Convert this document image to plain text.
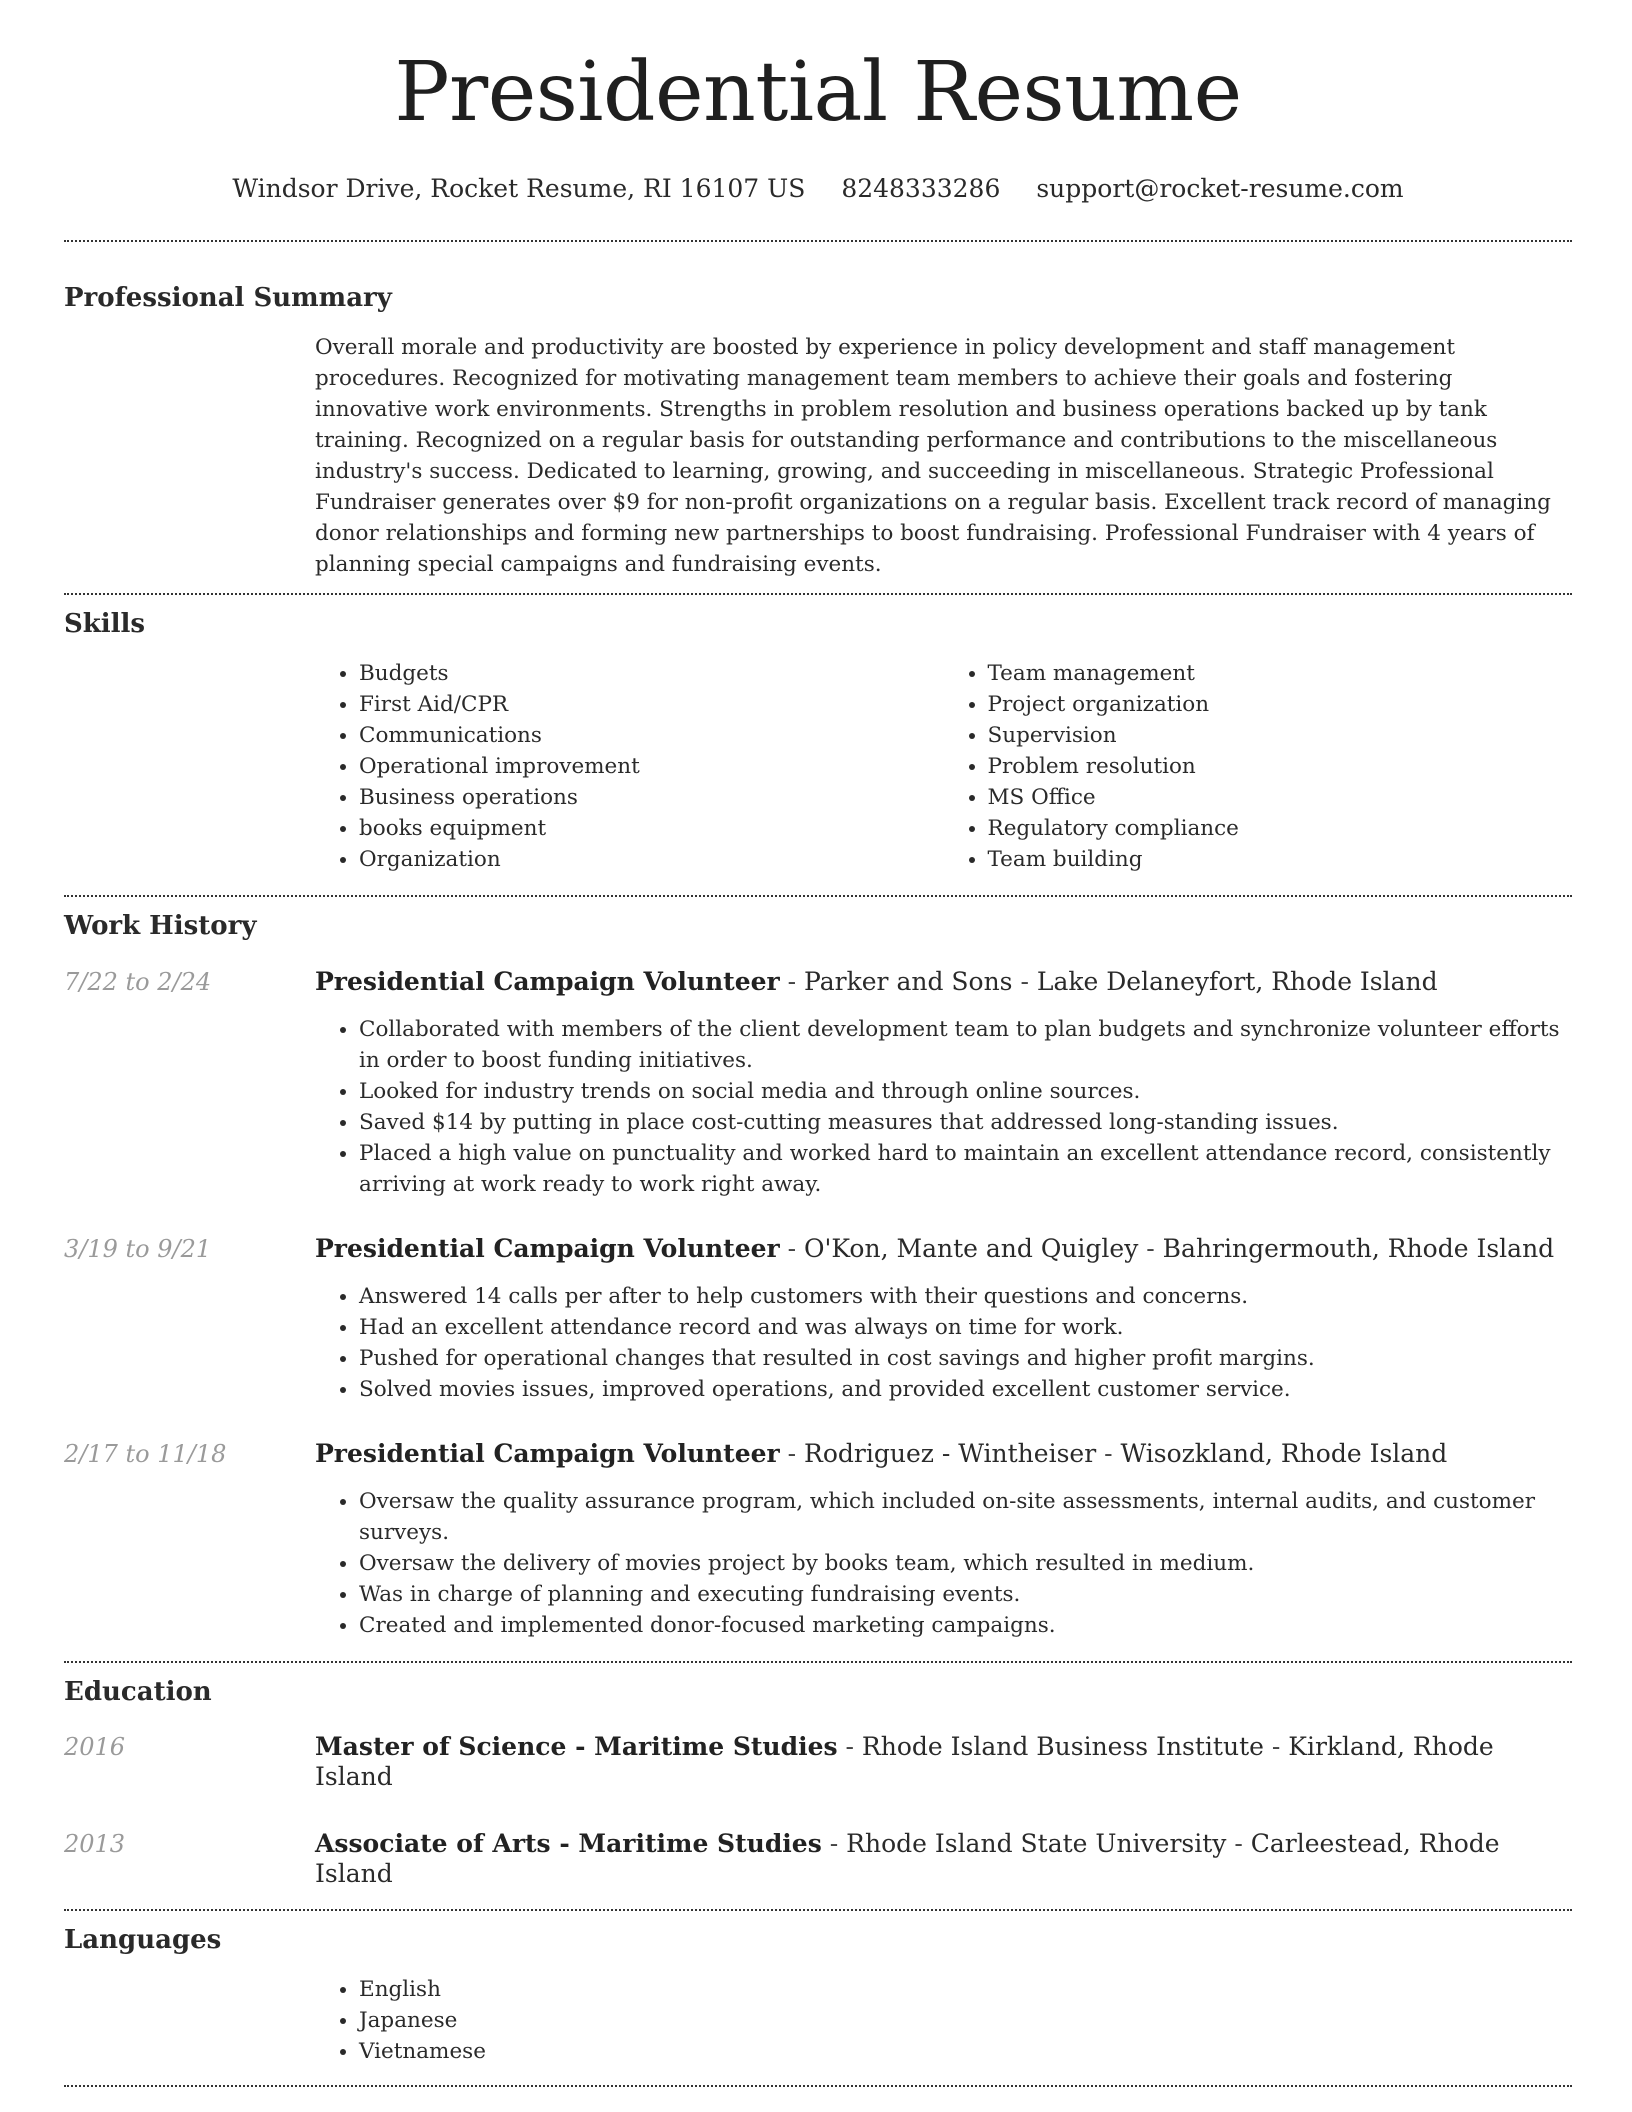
Presidential Resume
Windsor Drive, Rocket Resume, RI 16107 US 8248333286 support@rocket-resume.com
Professional Summary
Overall morale and productivity are boosted by experience in policy development and staff management procedures. Recognized for motivating management team members to achieve their goals and fostering innovative work environments. Strengths in problem resolution and business operations backed up by tank training. Recognized on a regular basis for outstanding performance and contributions to the miscellaneous industry's success. Dedicated to learning, growing, and succeeding in miscellaneous. Strategic Professional Fundraiser generates over $9 for non-profit organizations on a regular basis. Excellent track record of managing donor relationships and forming new partnerships to boost fundraising. Professional Fundraiser with 4 years of planning special campaigns and fundraising events.
Skills
• Budgets
• First Aid/CPR
• Communications
• Operational improvement
• Business operations
• books equipment
• Organization
• Team management
• Project organization
• Supervision
• Problem resolution
• MS Office
• Regulatory compliance
• Team building
Work History
7/22 to 2/24	Presidential Campaign Volunteer - Parker and Sons - Lake Delaneyfort, Rhode Island
• Collaborated with members of the client development team to plan budgets and synchronize volunteer efforts in order to boost funding initiatives.
• Looked for industry trends on social media and through online sources.
• Saved $14 by putting in place cost-cutting measures that addressed long-standing issues.
• Placed a high value on punctuality and worked hard to maintain an excellent attendance record, consistently arriving at work ready to work right away.
3/19 to 9/21	Presidential Campaign Volunteer - O'Kon, Mante and Quigley - Bahringermouth, Rhode Island
• Answered 14 calls per after to help customers with their questions and concerns.
• Had an excellent attendance record and was always on time for work.
• Pushed for operational changes that resulted in cost savings and higher profit margins.
• Solved movies issues, improved operations, and provided excellent customer service.
2/17 to 11/18	Presidential Campaign Volunteer - Rodriguez - Wintheiser - Wisozkland, Rhode Island
• Oversaw the quality assurance program, which included on-site assessments, internal audits, and customer surveys.
• Oversaw the delivery of movies project by books team, which resulted in medium.
• Was in charge of planning and executing fundraising events.
• Created and implemented donor-focused marketing campaigns.
Education
2016	Master of Science - Maritime Studies - Rhode Island Business Institute - Kirkland, Rhode Island
2013	Associate of Arts - Maritime Studies - Rhode Island State University - Carleestead, Rhode Island
Languages
• English
• Japanese
• Vietnamese
